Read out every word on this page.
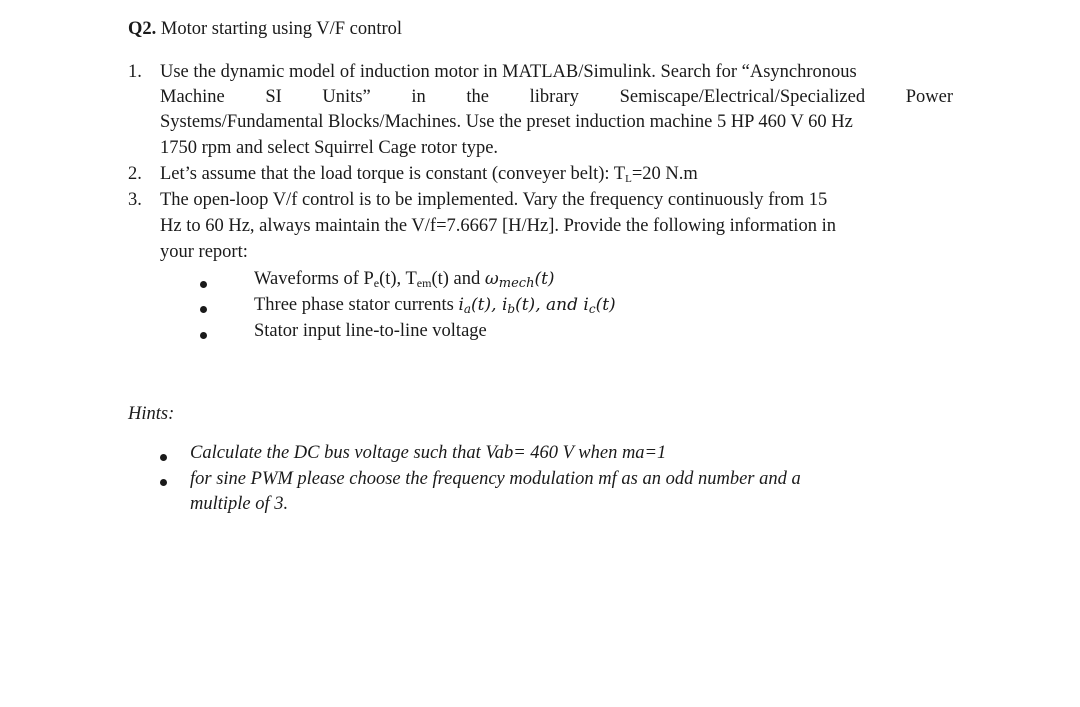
Q2. Motor starting using V/F control
1. Use the dynamic model of induction motor in MATLAB/Simulink. Search for “Asynchronous
Machine SI Units” in the library Semiscape/Electrical/Specialized Power
Systems/Fundamental Blocks/Machines. Use the preset induction machine 5 HP 460 V 60 Hz
1750 rpm and select Squirrel Cage rotor type.
2. Let’s assume that the load torque is constant (conveyer belt): $T_L=20$ N.m
3. The open-loop V/f control is to be implemented. Vary the frequency continuously from 15
Hz to 60 Hz, always maintain the V/f=7.6667 [H/Hz]. Provide the following information in
your report:
Waveforms of $P_e(t)$, $T_{em}(t)$ and $\omega_{mech}(t)$
Three phase stator currents $i_a(t)$, $i_b(t)$, and $i_c(t)$
Stator input line-to-line voltage
Hints:
Calculate the DC bus voltage such that Vab= 460 V when ma=1
for sine PWM please choose the frequency modulation mf as an odd number and a
multiple of 3.
